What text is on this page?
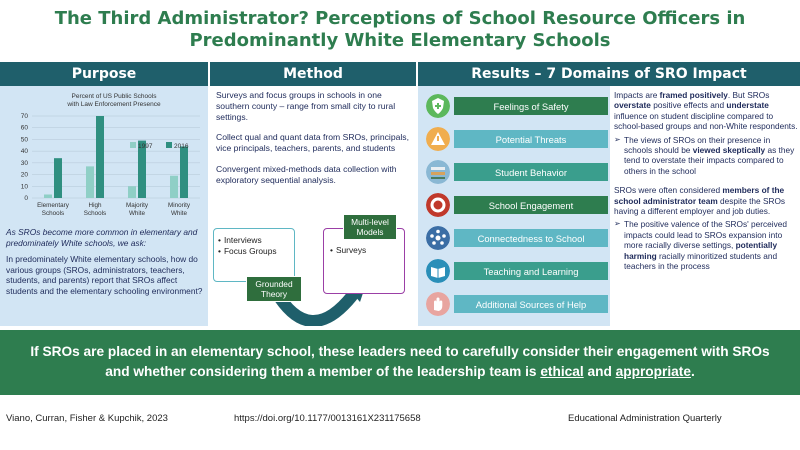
The Third Administrator? Perceptions of School Resource Officers in
Predominantly White Elementary Schools
Purpose	Method	Results – 7 Domains of SRO Impact
Percent of US Public Schools
with Law Enforcement Presence
0
10
20
30
40
50
60
70
Elementary
Schools
High
Schools
Majority
White
Minority
White
1997	2016

As SROs become more common in elementary and predominately White schools, we ask:

In predominately White elementary schools, how do various groups (SROs, administrators, teachers, students, and parents) report that SROs affect students and the elementary schooling environment?

Surveys and focus groups in schools in one southern county – range from small city to rural settings.

Collect qual and quant data from SROs, principals, vice principals, teachers, parents, and students

Convergent mixed-methods data collection with exploratory sequential analysis.

• Interviews
• Focus Groups	• Surveys
Grounded Theory
Multi-level Models
Feelings of Safety
Potential Threats
Student Behavior
School Engagement
Connectedness to School
Teaching and Learning
Additional Sources of Help

Impacts are framed positively. But SROs overstate positive effects and understate influence on student discipline compared to school-based groups and non-White respondents.

➢ The views of SROs on their presence in schools should be viewed skeptically as they tend to overstate their impacts compared to others in the school

SROs were often considered members of the school administrator team despite the SROs having a different employer and job duties.

➢ The positive valence of the SROs' perceived impacts could lead to SROs expansion into more racially diverse settings, potentially harming racially minoritized students and teachers in the process
If SROs are placed in an elementary school, these leaders need to carefully consider their engagement with SROs and whether considering them a member of the leadership team is ethical and appropriate.
Viano, Curran, Fisher & Kupchik, 2023	https://doi.org/10.1177/0013161X231175658	Educational Administration Quarterly
